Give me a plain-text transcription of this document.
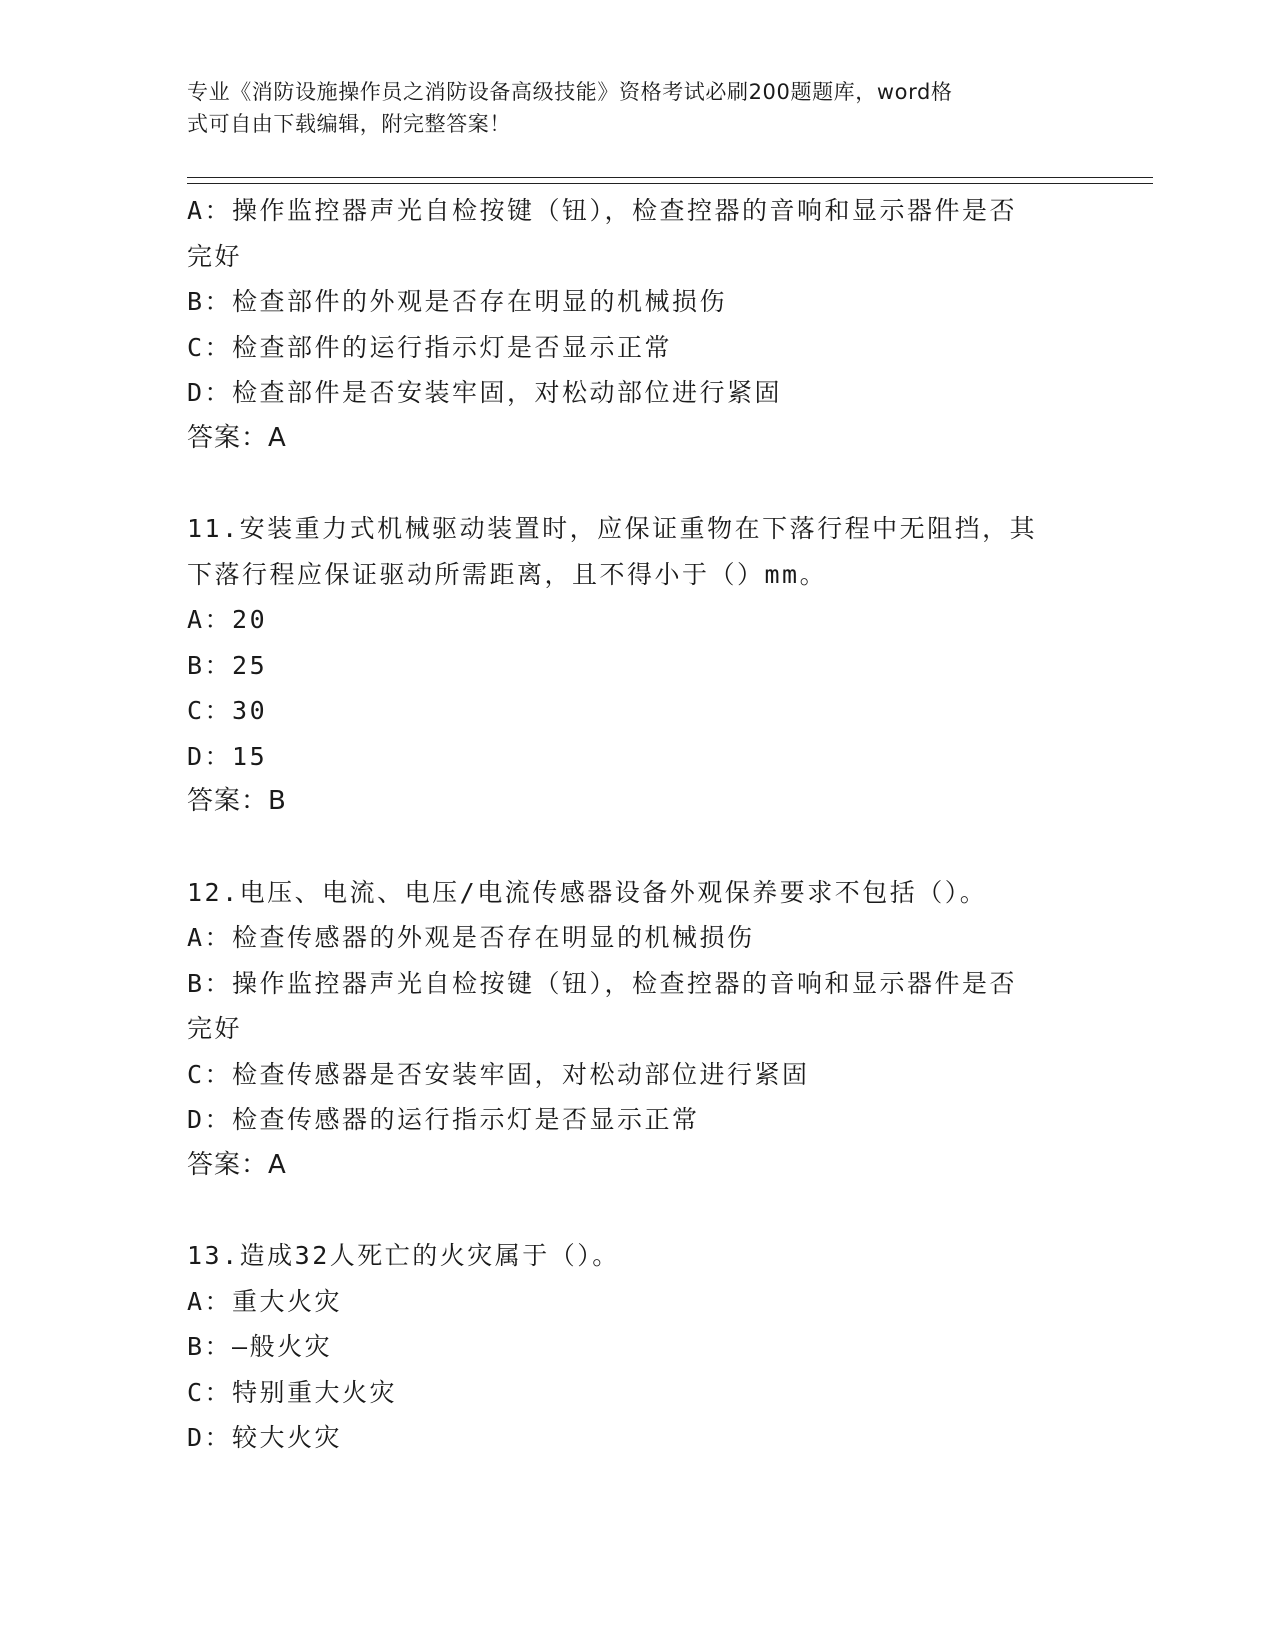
专业《消防设施操作员之消防设备高级技能》资格考试必刷200题题库，word格
式可自由下载编辑，附完整答案！
A：操作监控器声光自检按键（钮），检查控器的音响和显示器件是否
完好
B：检查部件的外观是否存在明显的机械损伤
C：检查部件的运行指示灯是否显示正常
D：检查部件是否安装牢固，对松动部位进行紧固
答案：A
11.安装重力式机械驱动装置时，应保证重物在下落行程中无阻挡，其
下落行程应保证驱动所需距离，且不得小于（）mm。
A：20
B：25
C：30
D：15
答案：B
12.电压、电流、电压/电流传感器设备外观保养要求不包括（）。
A：检查传感器的外观是否存在明显的机械损伤
B：操作监控器声光自检按键（钮），检查控器的音响和显示器件是否
完好
C：检查传感器是否安装牢固，对松动部位进行紧固
D：检查传感器的运行指示灯是否显示正常
答案：A
13.造成32人死亡的火灾属于（）。
A：重大火灾
B：—般火灾
C：特别重大火灾
D：较大火灾
